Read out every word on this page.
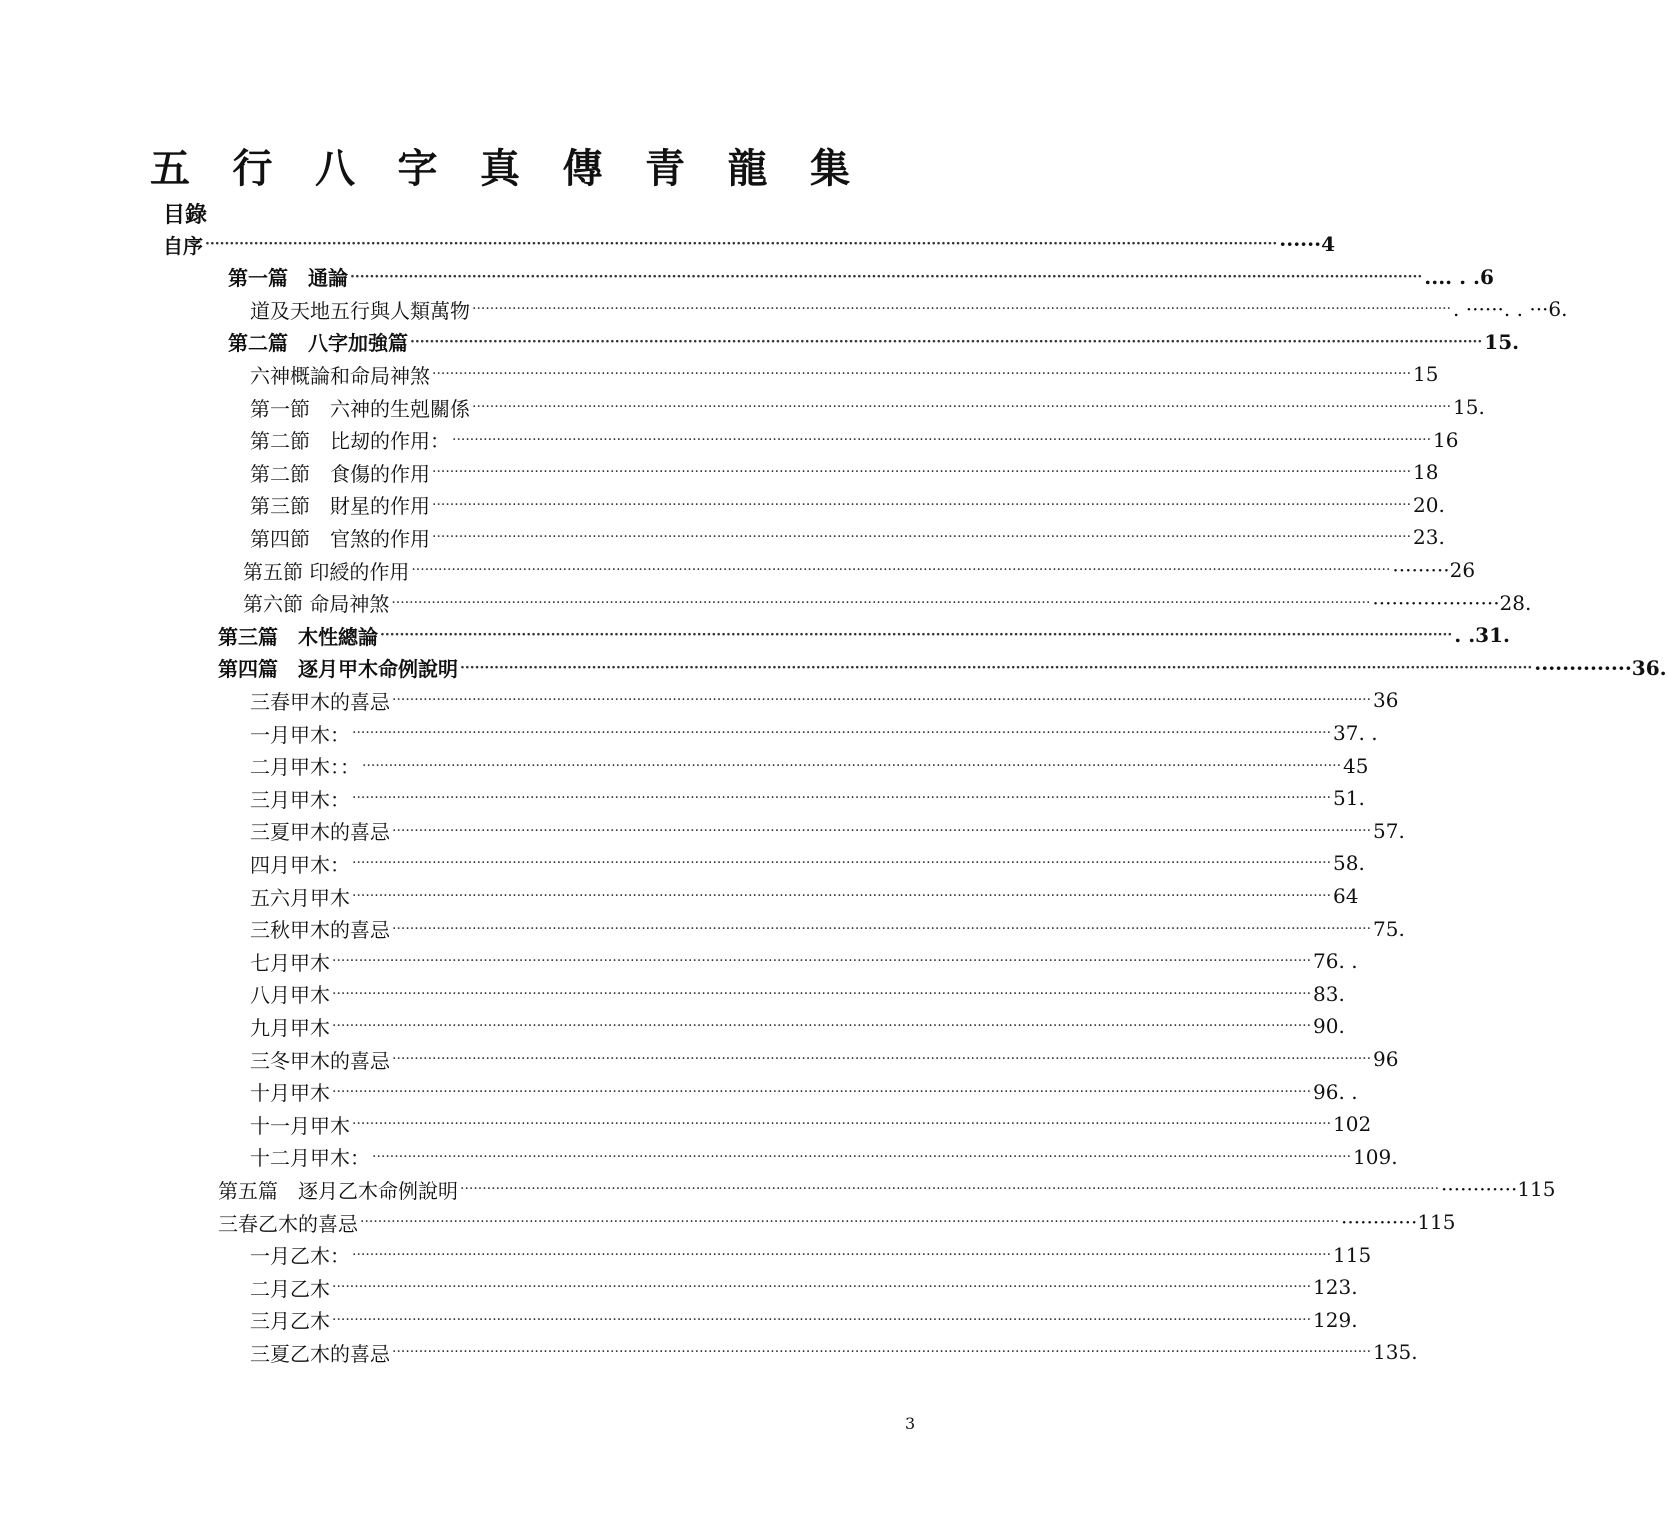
五 行 八 字 真 傳 青 龍 集
目錄
自序 ···························································································································································································································· ······4
第一篇　通論 ···························································································································································································································· .... . .6
道及天地五行與人類萬物 ···························································································································································································································· . ······. . ···6.
第二篇　八字加強篇 ···························································································································································································································· 15.
六神概論和命局神煞 ···························································································································································································································· 15
第一節　六神的生剋關係 ···························································································································································································································· 15.
第二節　比刼的作用： ···························································································································································································································· 16
第二節　食傷的作用 ···························································································································································································································· 18
第三節　財星的作用 ···························································································································································································································· 20.
第四節　官煞的作用 ···························································································································································································································· 23.
第五節 印綬的作用 ···························································································································································································································· ·········26
第六節 命局神煞 ···························································································································································································································· ····················28.
第三篇　木性總論 ···························································································································································································································· . .31.
第四篇　逐月甲木命例說明 ···························································································································································································································· ··············36.
三春甲木的喜忌 ···························································································································································································································· 36
一月甲木： ···························································································································································································································· 37. .
二月甲木：： ···························································································································································································································· 45
三月甲木： ···························································································································································································································· 51.
三夏甲木的喜忌 ···························································································································································································································· 57.
四月甲木： ···························································································································································································································· 58.
五六月甲木 ···························································································································································································································· 64
三秋甲木的喜忌 ···························································································································································································································· 75.
七月甲木 ···························································································································································································································· 76. .
八月甲木 ···························································································································································································································· 83.
九月甲木 ···························································································································································································································· 90.
三冬甲木的喜忌 ···························································································································································································································· 96
十月甲木 ···························································································································································································································· 96. .
十一月甲木 ···························································································································································································································· 102
十二月甲木： ···························································································································································································································· 109.
第五篇　逐月乙木命例說明 ···························································································································································································································· ············115
三春乙木的喜忌 ···························································································································································································································· ············115
一月乙木： ···························································································································································································································· 115
二月乙木 ···························································································································································································································· 123.
三月乙木 ···························································································································································································································· 129.
三夏乙木的喜忌 ···························································································································································································································· 135.
3
